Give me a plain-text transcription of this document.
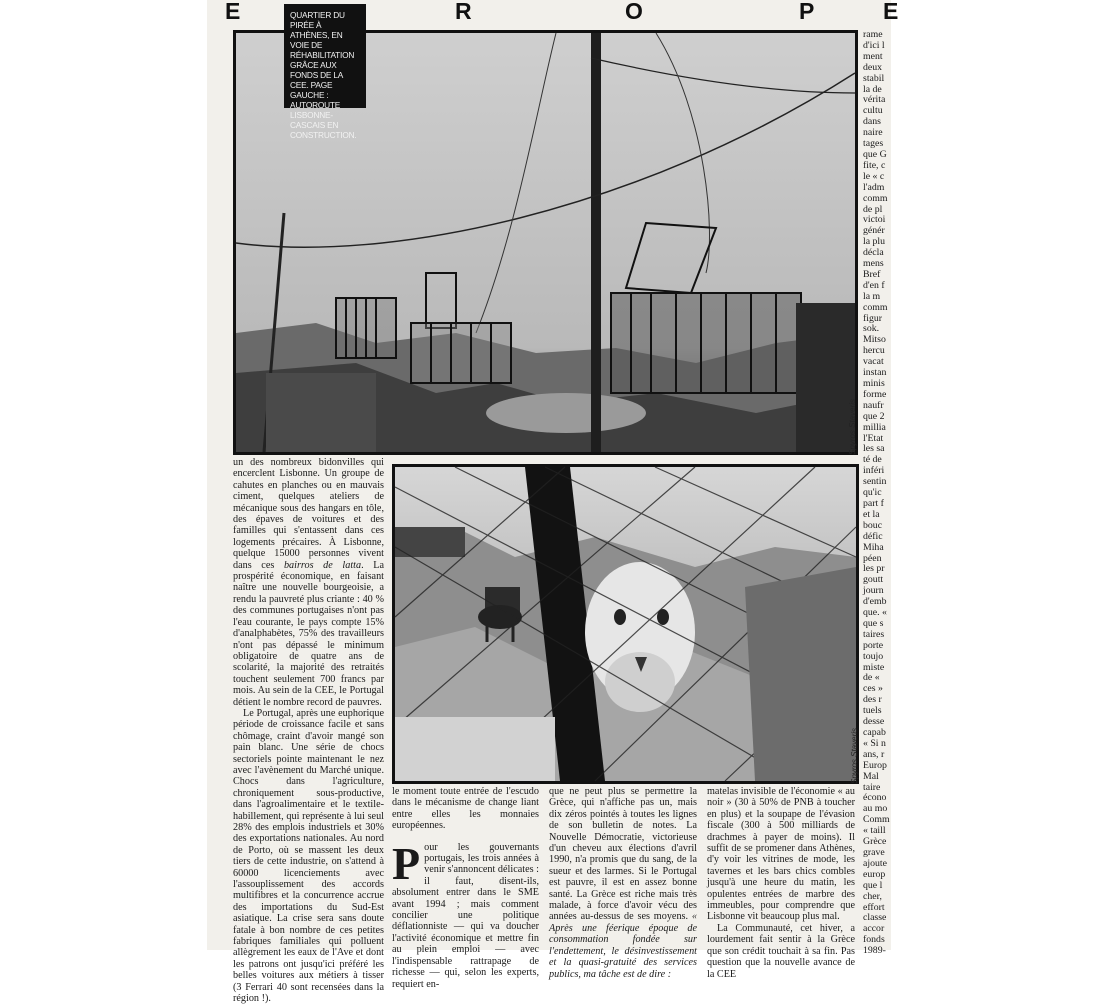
E	R	O	P	E
QUARTIER DU PIRÉE À ATHÈNES, EN VOIE DE RÉHABILITATION GRÂCE AUX FONDS DE LA CEE. PAGE GAUCHE : AUTOROUTE LISBONNE-CASCAIS EN CONSTRUCTION.
Spyros Staveris
Spyros Staveris

un des nombreux bidonvilles qui encerclent Lisbonne. Un groupe de cahutes en planches ou en mauvais ciment, quelques ateliers de mécanique sous des hangars en tôle, des épaves de voitures et des familles qui s'entassent dans ces logements précaires. À Lisbonne, quelque 15000 personnes vivent dans ces bairros de latta. La prospérité économique, en faisant naître une nouvelle bourgeoisie, a rendu la pauvreté plus criante : 40 % des communes portugaises n'ont pas l'eau courante, le pays compte 15% d'analphabètes, 75% des travailleurs n'ont pas dépassé le minimum obligatoire de quatre ans de scolarité, la majorité des retraités touchent seulement 700 francs par mois. Au sein de la CEE, le Portugal détient le nombre record de pauvres.

Le Portugal, après une euphorique période de croissance facile et sans chômage, craint d'avoir mangé son pain blanc. Une série de chocs sectoriels pointe maintenant le nez avec l'avènement du Marché unique. Chocs dans l'agriculture, chroniquement sous-productive, dans l'agroalimentaire et le textile-habillement, qui représente à lui seul 28% des emplois industriels et 30% des exportations nationales. Au nord de Porto, où se massent les deux tiers de cette industrie, on s'attend à 60000 licenciements avec l'assouplissement des accords multifibres et la concurrence accrue des importations du Sud-Est asiatique. La crise sera sans doute fatale à bon nombre de ces petites fabriques familiales qui polluent allègrement les eaux de l'Ave et dont les patrons ont jusqu'ici préféré les belles voitures aux métiers à tisser (3 Ferrari 40 sont recensées dans la région !).

le moment toute entrée de l'escudo dans le mécanisme de change liant entre elles les monnaies européennes.

Pour les gouvernants portugais, les trois années à venir s'annoncent délicates : il faut, disent-ils, absolument entrer dans le SME avant 1994 ; mais comment concilier une politique déflationniste — qui va doucher l'activité économique et mettre fin au plein emploi — avec l'indispensable rattrapage de richesse — qui, selon les experts, requiert en-

que ne peut plus se permettre la Grèce, qui n'affiche pas un, mais dix zéros pointés à toutes les lignes de son bulletin de notes. La Nouvelle Démocratie, victorieuse d'un cheveu aux élections d'avril 1990, n'a promis que du sang, de la sueur et des larmes. Si le Portugal est pauvre, il est en assez bonne santé. La Grèce est riche mais très malade, à force d'avoir vécu des années au-dessus de ses moyens. « Après une féerique époque de consommation fondée sur l'endettement, le désinvestissement et la quasi-gratuité des services publics, ma tâche est de dire :

matelas invisible de l'économie « au noir » (30 à 50% de PNB à toucher en plus) et la soupape de l'évasion fiscale (300 à 500 milliards de drachmes à payer de moins). Il suffit de se promener dans Athènes, d'y voir les vitrines de mode, les tavernes et les bars chics combles jusqu'à une heure du matin, les opulentes entrées de marbre des immeubles, pour comprendre que Lisbonne vit beaucoup plus mal.

La Communauté, cet hiver, a lourdement fait sentir à la Grèce que son crédit touchait à sa fin. Pas question que la nouvelle avance de la CEE

rame
d'ici l
ment
deux
stabil
la de
vérita
cultu
dans
naire
tages
que G
fite, c
le « c
l'adm
comm
de pl
victoi
génér
la plu
décla
mens
Bref
d'en f
la m
comm
figur
sok.
Mitso
hercu
vacat
instan
minis
forme
naufr
que 2
millia
l'Etat
les sa
té de
inféri
sentin
qu'ic
part f
et la
bouc
défic
Miha
péen
les pr
goutt
journ
d'emb
que. «
que s
taires
porte
toujo
miste
de «
ces »
des r
tuels
desse
capab
« Si n
ans, r
Europ
Mal
taire
écono
au mo
Comm
« taill
Grèce
grave
ajoute
europ
que l
cher,
effort
classe
accor
fonds
1989-
